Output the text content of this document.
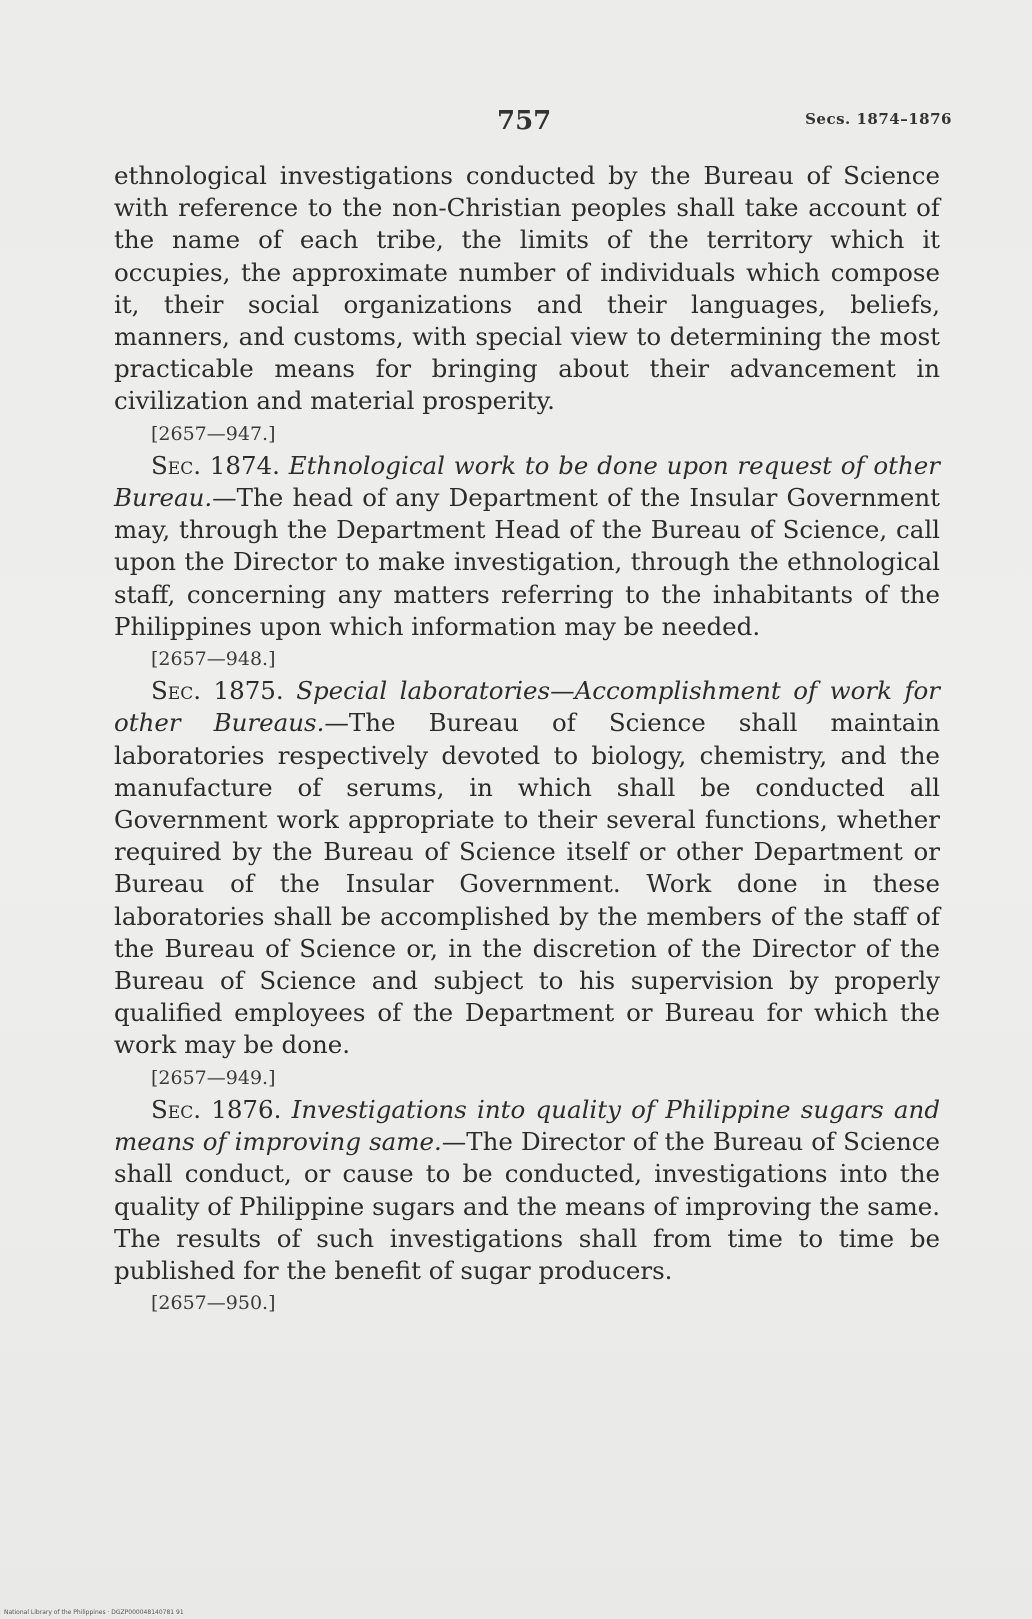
757	Secs. 1874–1876

ethnological investigations conducted by the Bureau of Science with reference to the non-Christian peoples shall take account of the name of each tribe, the limits of the territory which it occupies, the approximate number of individuals which compose it, their social organizations and their languages, beliefs, manners, and customs, with special view to determining the most practicable means for bringing about their advancement in civilization and material prosperity.

[2657—947.]

Sec. 1874. Ethnological work to be done upon request of other Bureau.—The head of any Department of the Insular Government may, through the Department Head of the Bureau of Science, call upon the Director to make investigation, through the ethnological staff, concerning any matters referring to the inhabitants of the Philippines upon which information may be needed.

[2657—948.]

Sec. 1875. Special laboratories—Accomplishment of work for other Bureaus.—The Bureau of Science shall maintain laboratories respectively devoted to biology, chemistry, and the manufacture of serums, in which shall be conducted all Government work appropriate to their several functions, whether required by the Bureau of Science itself or other Department or Bureau of the Insular Government. Work done in these laboratories shall be accomplished by the members of the staff of the Bureau of Science or, in the discretion of the Director of the Bureau of Science and subject to his supervision by properly qualified employees of the Department or Bureau for which the work may be done.

[2657—949.]

Sec. 1876. Investigations into quality of Philippine sugars and means of improving same.—The Director of the Bureau of Science shall conduct, or cause to be conducted, investigations into the quality of Philippine sugars and the means of improving the same. The results of such investigations shall from time to time be published for the benefit of sugar producers.

[2657—950.]

National Library of the Philippines · DGZP000048140781 91
